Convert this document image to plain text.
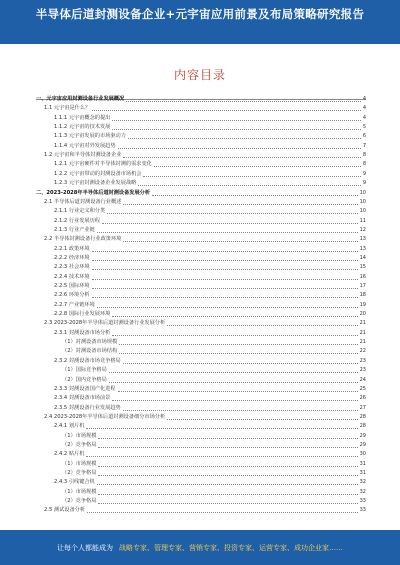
半导体后道封测设备企业+元宇宙应用前景及布局策略研究报告
内容目录
一、元宇宙应用封测设备行业发展概况	4
1.1 元宇宙是什么？	4
1.1.1 元宇宙概念的提出	4
1.1.2 元宇宙的技术发展	5
1.1.3 元宇宙发展的市场驱动力	6
1.1.4 元宇宙对外发展趋势	7
1.2 元宇宙和半导体封测设备企业	8
1.2.1 元宇宙硬件对半导体封测的需求变化	8
1.2.2 元宇宙带动的封测设备市场机会	9
1.2.3 元宇宙封测设备企业发展战略	9
二、2023-2028年半导体后道封测设备发展分析	10
2.1 半导体后道封测设备行业概述	10
2.1.1 行业定义和分类	10
2.1.2 行业发展历程	11
2.1.3 行业产业链	12
2.2 半导体封测设备行业政策环境	13
2.2.1 政策环境	13
2.2.2 经济环境	14
2.2.3 社会环境	15
2.2.4 技术环境	16
2.2.5 国际环境	17
2.2.6 环境分析	18
2.2.7 产业链环境	19
2.2.8 国际行业发展环境	20
2.3 2023-2028年半导体后道封测设备行业发展分析	21
2.3.1 封测设备市场分析	21
（1）封测设备市场规模	21
（2）封测设备市场结构	22
2.3.2 封测设备市场竞争格局	23
（1）国际竞争格局	23
（2）国内竞争格局	24
2.3.3 封测设备国产化进程	25
2.3.4 封测设备市场前景	26
2.3.5 封测设备行业发展趋势	27
2.4 2023-2028年半导体后道封测设备细分市场分析	28
2.4.1 划片机	28
（1）市场规模	29
（2）竞争格局	29
2.4.2 贴片机	30
（1）市场规模	31
（2）竞争格局	31
2.4.3 引线键合机	32
（1）市场规模	32
（2）竞争格局	33
2.5 测试设备分析	33
让每个人都能成为 战略专家、管理专家、营销专家、投资专家、运营专家、成功企业家……
